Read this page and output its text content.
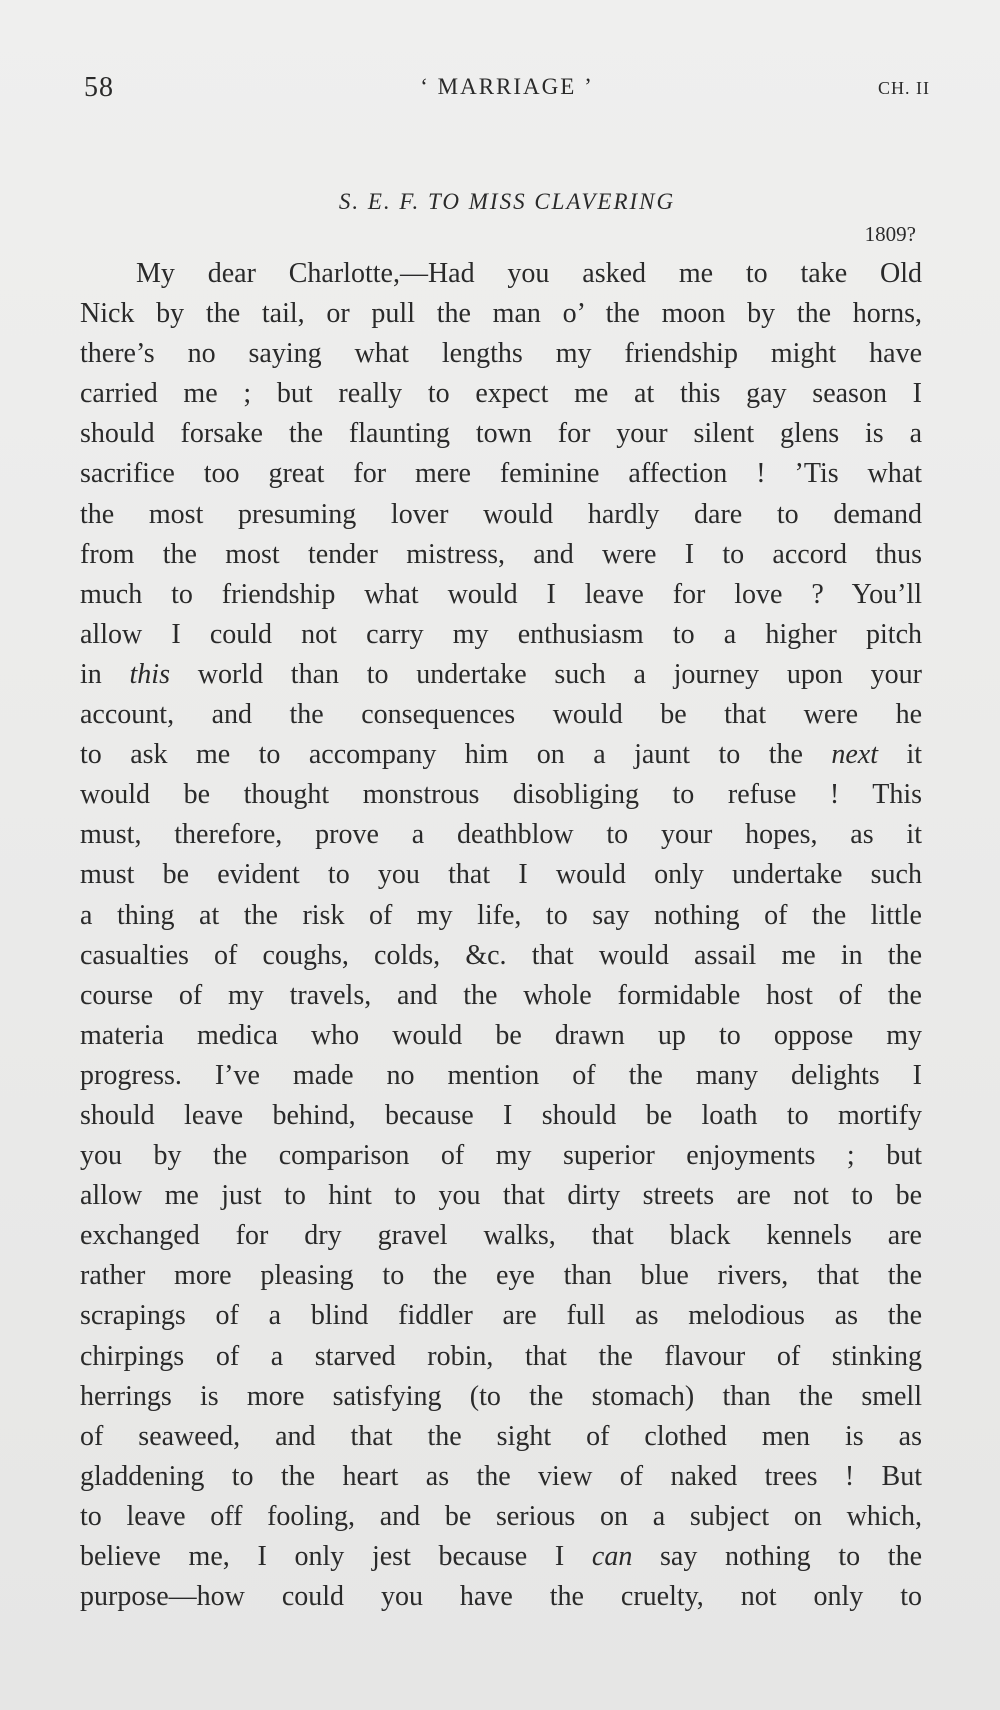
58	‘ MARRIAGE ’	CH. II
S. E. F. TO MISS CLAVERING
1809?
My dear Charlotte,—Had you asked me to take Old
Nick by the tail, or pull the man o’ the moon by the horns,
there’s no saying what lengths my friendship might have
carried me ; but really to expect me at this gay season I
should forsake the flaunting town for your silent glens is a
sacrifice too great for mere feminine affection ! ’Tis what
the most presuming lover would hardly dare to demand
from the most tender mistress, and were I to accord thus
much to friendship what would I leave for love ? You’ll
allow I could not carry my enthusiasm to a higher pitch
in this world than to undertake such a journey upon your
account, and the consequences would be that were he
to ask me to accompany him on a jaunt to the next it
would be thought monstrous disobliging to refuse ! This
must, therefore, prove a deathblow to your hopes, as it
must be evident to you that I would only undertake such
a thing at the risk of my life, to say nothing of the little
casualties of coughs, colds, &c. that would assail me in the
course of my travels, and the whole formidable host of the
materia medica who would be drawn up to oppose my
progress. I’ve made no mention of the many delights I
should leave behind, because I should be loath to mortify
you by the comparison of my superior enjoyments ; but
allow me just to hint to you that dirty streets are not to be
exchanged for dry gravel walks, that black kennels are
rather more pleasing to the eye than blue rivers, that the
scrapings of a blind fiddler are full as melodious as the
chirpings of a starved robin, that the flavour of stinking
herrings is more satisfying (to the stomach) than the smell
of seaweed, and that the sight of clothed men is as
gladdening to the heart as the view of naked trees ! But
to leave off fooling, and be serious on a subject on which,
believe me, I only jest because I can say nothing to the
purpose—how could you have the cruelty, not only to
